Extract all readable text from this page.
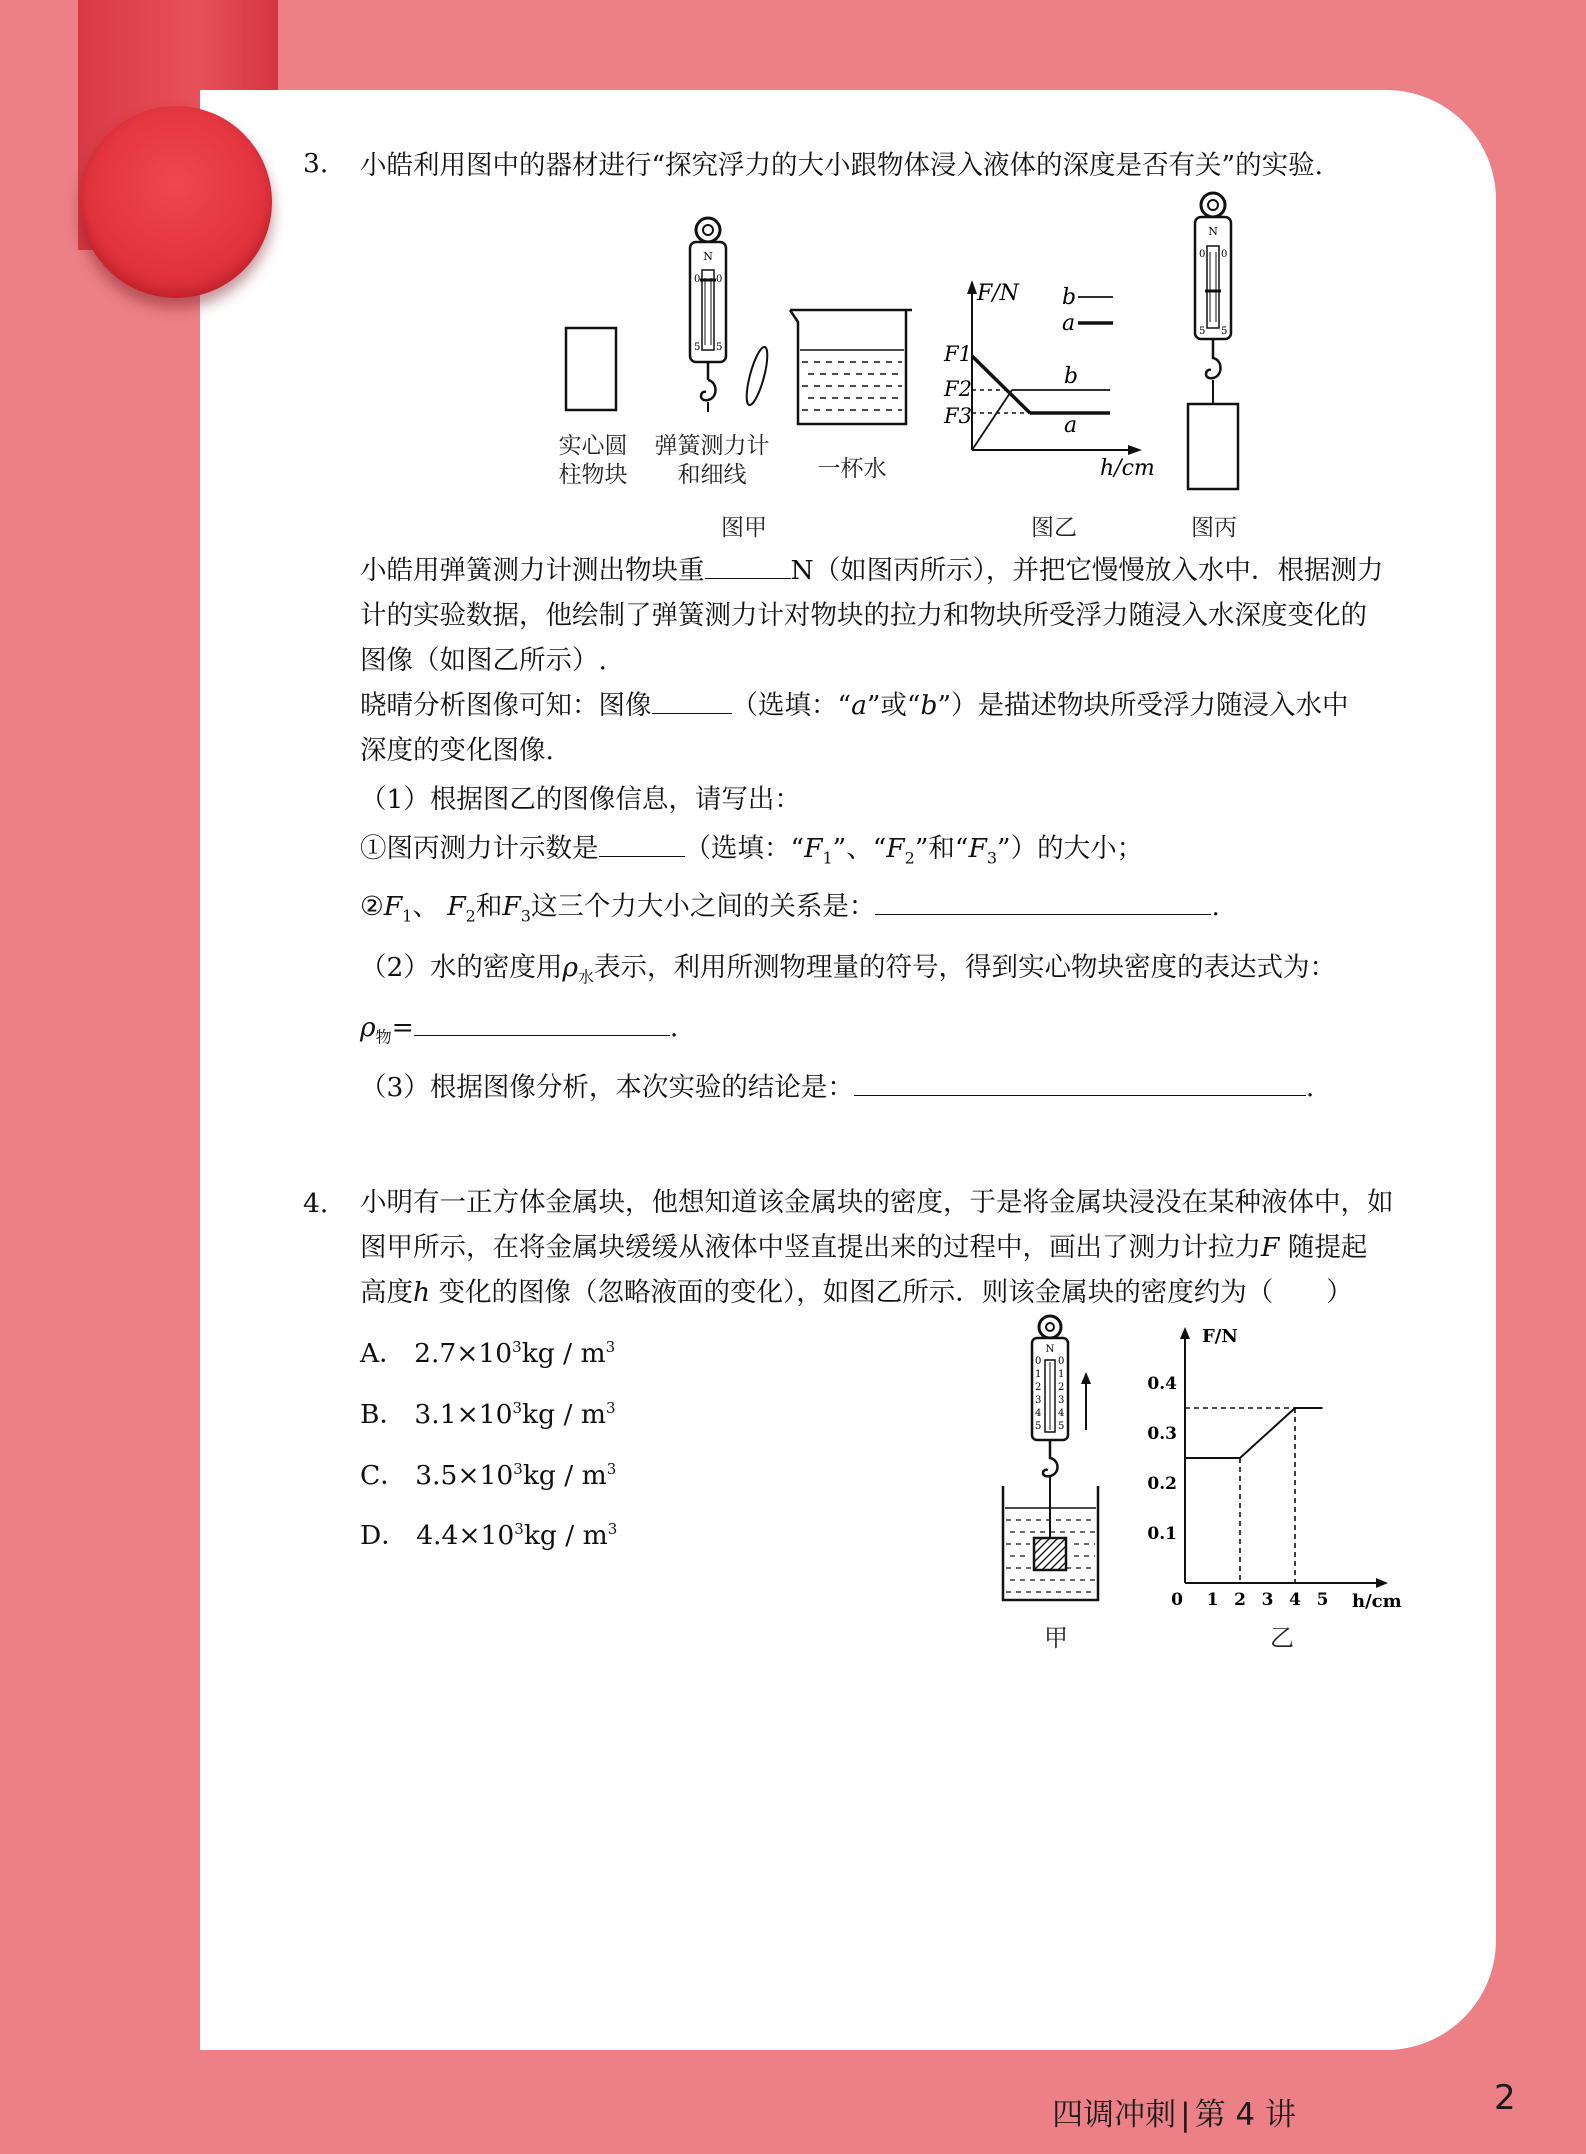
3. 小皓利用图中的器材进行“探究浮力的大小跟物体浸入液体的深度是否有关”的实验.
N
0 0
5 5
F/N
h/cm
F1
F2
F3
b
a
b
a
N
0 0
5 5
实心圆
柱物块
弹簧测力计
和细线	一杯水
图甲	图乙	图丙
小皓用弹簧测力计测出物块重	N（如图丙所示），并把它慢慢放入水中．根据测力
计的实验数据，他绘制了弹簧测力计对物块的拉力和物块所受浮力随浸入水深度变化的
图像（如图乙所示）.
晓晴分析图像可知：图像	（选填：“a”或“b”）是描述物块所受浮力随浸入水中
深度的变化图像.
（1）根据图乙的图像信息，请写出：
①图丙测力计示数是	（选填：“$F_1$”、“$F_2$”和“$F_3$”）的大小；
$②F_1$、 $F_2$和$F_3$这三个力大小之间的关系是：	.
（2）水的密度用$\rho_水$表示，利用所测物理量的符号，得到实心物块密度的表达式为：
$\rho_物=$	.
（3）根据图像分析，本次实验的结论是：	.
4. 小明有一正方体金属块，他想知道该金属块的密度，于是将金属块浸没在某种液体中，如
图甲所示，在将金属块缓缓从液体中竖直提出来的过程中，画出了测力计拉力F 随提起
高度h 变化的图像（忽略液面的变化），如图乙所示．则该金属块的密度约为（　　）
A． $2.7\times 10^3kg / m^3$
B． $3.1\times 10^3kg / m^3$
C． $3.5\times 10^3kg / m^3$
D． $4.4\times 10^3kg / m^3$
N
0
1
2
3
4
5
0
1
2
3
4
5
甲
F/N
h/cm
0 1 2 3 4 5
0.1
0.2
0.3
0.4
乙
四调冲刺 | 第 4 讲	2
